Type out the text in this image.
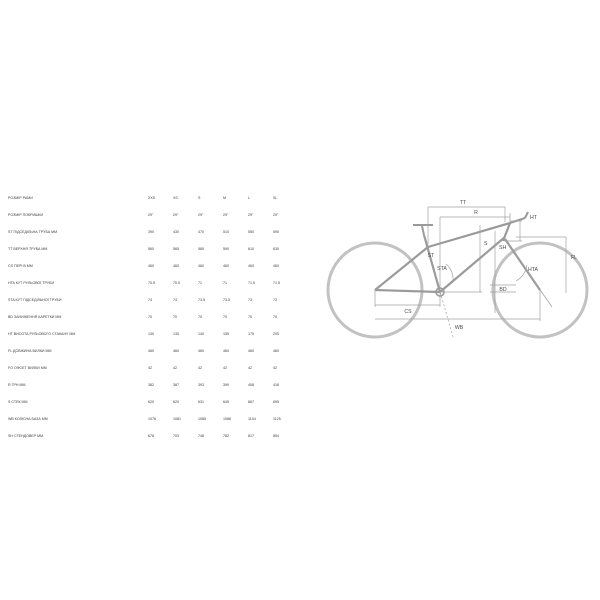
РОЗМІР РАМИ	XXS	XS	S	M	L	XL
РОЗМІР ПОКРИШКИ	29"	29"	29"	29"	29"	29"
ST ПІДСЕДІЛЬНА ТРУБА ММ	390	430	470	510	550	590
TT ВЕРХНЯ ТРУБА ММ	560	565	580	590	610	630
CS ПЕРІ В ММ	460	460	460	460	460	460
HTA КУТ РУЛЬОВОЇ ТРУБИ	70.5	70.5	71	71	71.5	71.5
STA КУТ ПІДСЕДІЛЬНОЇ ТРУБИ	74	74	73.5	73.5	73	73
BD ЗАНИЖЕННЯ КАРЕТКИ ММ	70	70	70	70	70	70
HT ВИСОТА РУЛЬОВОГО СТАКАНУ ММ	130	130	140	155	175	205
FL ДОВЖИНА ВИЛКИ ММ	460	460	460	460	460	460
FO ОФСЕТ ВИЛКИ ММ	42	42	42	42	42	42
R ГРН ММ	382	387	393	399	408	418
S СТЕК ММ	620	620	631	645	667	695
WB КОЛІСНА БАЗА ММ	1076	1081	1085	1086	1104	1125
SH СТЕНДОВЕР ММ	678	703	748	782	817	854
TT
R
HT
ST
S
SH
STA	HTA
FL
CS
BD
WB
